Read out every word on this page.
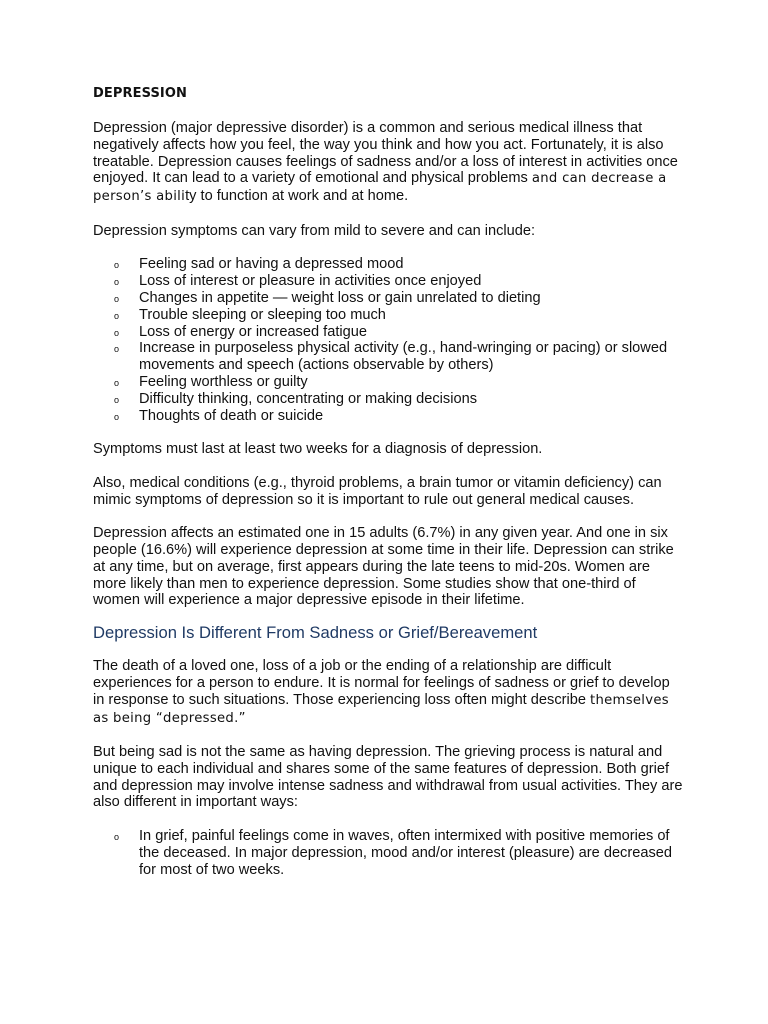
DEPRESSION

Depression (major depressive disorder) is a common and serious medical illness that negatively affects how you feel, the way you think and how you act. Fortunately, it is also treatable. Depression causes feelings of sadness and/or a loss of interest in activities once enjoyed. It can lead to a variety of emotional and physical problems and can decrease a person’s ability to function at work and at home.

Depression symptoms can vary from mild to severe and can include:

o Feeling sad or having a depressed mood
o Loss of interest or pleasure in activities once enjoyed
o Changes in appetite — weight loss or gain unrelated to dieting
o Trouble sleeping or sleeping too much
o Loss of energy or increased fatigue
o Increase in purposeless physical activity (e.g., hand-wringing or pacing) or slowed movements and speech (actions observable by others)
o Feeling worthless or guilty
o Difficulty thinking, concentrating or making decisions
o Thoughts of death or suicide

Symptoms must last at least two weeks for a diagnosis of depression.

Also, medical conditions (e.g., thyroid problems, a brain tumor or vitamin deficiency) can mimic symptoms of depression so it is important to rule out general medical causes.

Depression affects an estimated one in 15 adults (6.7%) in any given year. And one in six people (16.6%) will experience depression at some time in their life. Depression can strike at any time, but on average, first appears during the late teens to mid-20s. Women are more likely than men to experience depression. Some studies show that one-third of women will experience a major depressive episode in their lifetime.

Depression Is Different From Sadness or Grief/Bereavement

The death of a loved one, loss of a job or the ending of a relationship are difficult experiences for a person to endure. It is normal for feelings of sadness or grief to develop in response to such situations. Those experiencing loss often might describe themselves as being “depressed.”

But being sad is not the same as having depression. The grieving process is natural and unique to each individual and shares some of the same features of depression. Both grief and depression may involve intense sadness and withdrawal from usual activities. They are also different in important ways:

o In grief, painful feelings come in waves, often intermixed with positive memories of the deceased. In major depression, mood and/or interest (pleasure) are decreased for most of two weeks.
